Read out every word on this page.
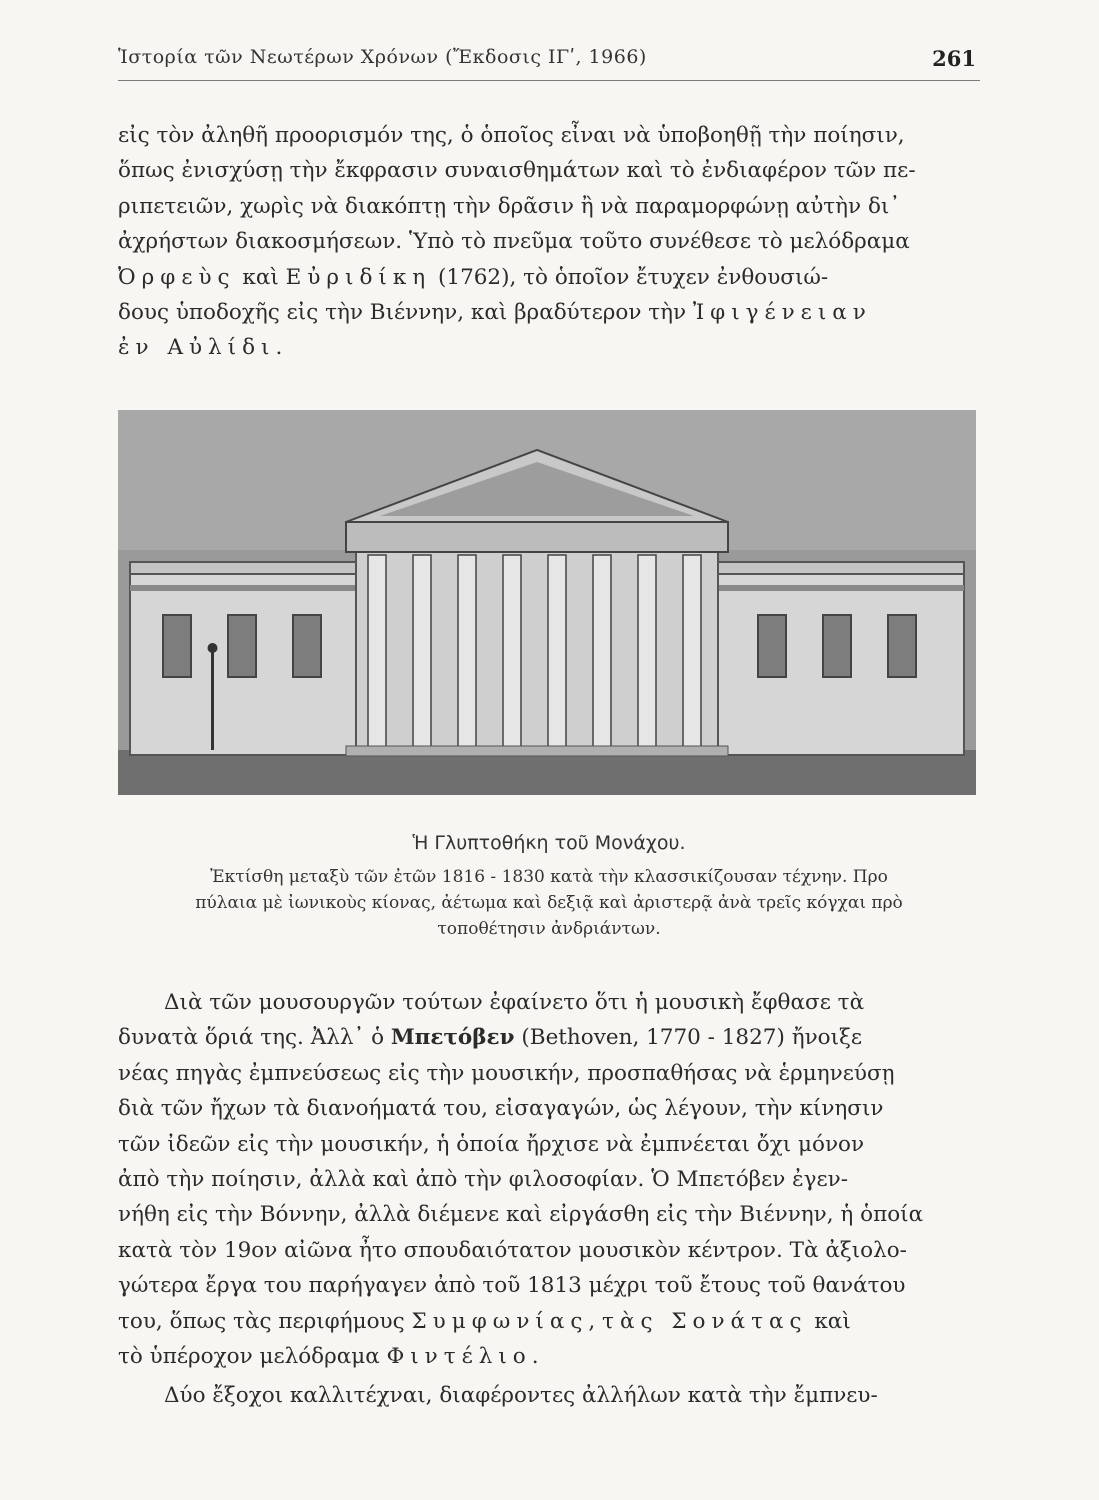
Ἱστορία τῶν Νεωτέρων Χρόνων (Ἔκδοσις ΙΓʹ, 1966)	261
εἰς τὸν ἀληθῆ προορισμόν της, ὁ ὁποῖος εἶναι νὰ ὑποβοηθῇ τὴν ποίησιν,
ὅπως ἐνισχύσῃ τὴν ἔκφρασιν συναισθημάτων καὶ τὸ ἐνδιαφέρον τῶν πε-
ριπετειῶν, χωρὶς νὰ διακόπτῃ τὴν δρᾶσιν ἢ νὰ παραμορφώνῃ αὐτὴν δι᾽
ἀχρήστων διακοσμήσεων. Ὑπὸ τὸ πνεῦμα τοῦτο συνέθεσε τὸ μελόδραμα
Ὀρφεὺς καὶ Εὐριδίκη (1762), τὸ ὁποῖον ἔτυχεν ἐνθουσιώ-
δους ὑποδοχῆς εἰς τὴν Βιέννην, καὶ βραδύτερον τὴν Ἰφιγένειαν
ἐν Αὐλίδι.
Ἡ Γλυπτοθήκη τοῦ Μονάχου.
Ἐκτίσθη μεταξὺ τῶν ἐτῶν 1816 - 1830 κατὰ τὴν κλασσικίζουσαν τέχνην. Προ
πύλαια μὲ ἰωνικοὺς κίονας, ἀέτωμα καὶ δεξιᾷ καὶ ἀριστερᾷ ἀνὰ τρεῖς κόγχαι πρὸ
τοποθέτησιν ἀνδριάντων.
Διὰ τῶν μουσουργῶν τούτων ἐφαίνετο ὅτι ἡ μουσικὴ ἔφθασε τὰ
δυνατὰ ὅριά της. Ἀλλ᾽ ὁ Μπετόβεν (Bethoven, 1770 - 1827) ἤνοιξε
νέας πηγὰς ἐμπνεύσεως εἰς τὴν μουσικήν, προσπαθήσας νὰ ἑρμηνεύσῃ
διὰ τῶν ἤχων τὰ διανοήματά του, εἰσαγαγών, ὡς λέγουν, τὴν κίνησιν
τῶν ἰδεῶν εἰς τὴν μουσικήν, ἡ ὁποία ἤρχισε νὰ ἐμπνέεται ὄχι μόνον
ἀπὸ τὴν ποίησιν, ἀλλὰ καὶ ἀπὸ τὴν φιλοσοφίαν. Ὁ Μπετόβεν ἐγεν-
νήθη εἰς τὴν Βόννην, ἀλλὰ διέμενε καὶ εἰργάσθη εἰς τὴν Βιέννην, ἡ ὁποία
κατὰ τὸν 19ον αἰῶνα ἦτο σπουδαιότατον μουσικὸν κέντρον. Τὰ ἀξιολο-
γώτερα ἔργα του παρήγαγεν ἀπὸ τοῦ 1813 μέχρι τοῦ ἔτους τοῦ θανάτου
του, ὅπως τὰς περιφήμους Συμφωνίας, τὰς Σονάτας καὶ
τὸ ὑπέροχον μελόδραμα Φιντέλιο.
Δύο ἔξοχοι καλλιτέχναι, διαφέροντες ἀλλήλων κατὰ τὴν ἔμπνευ-
